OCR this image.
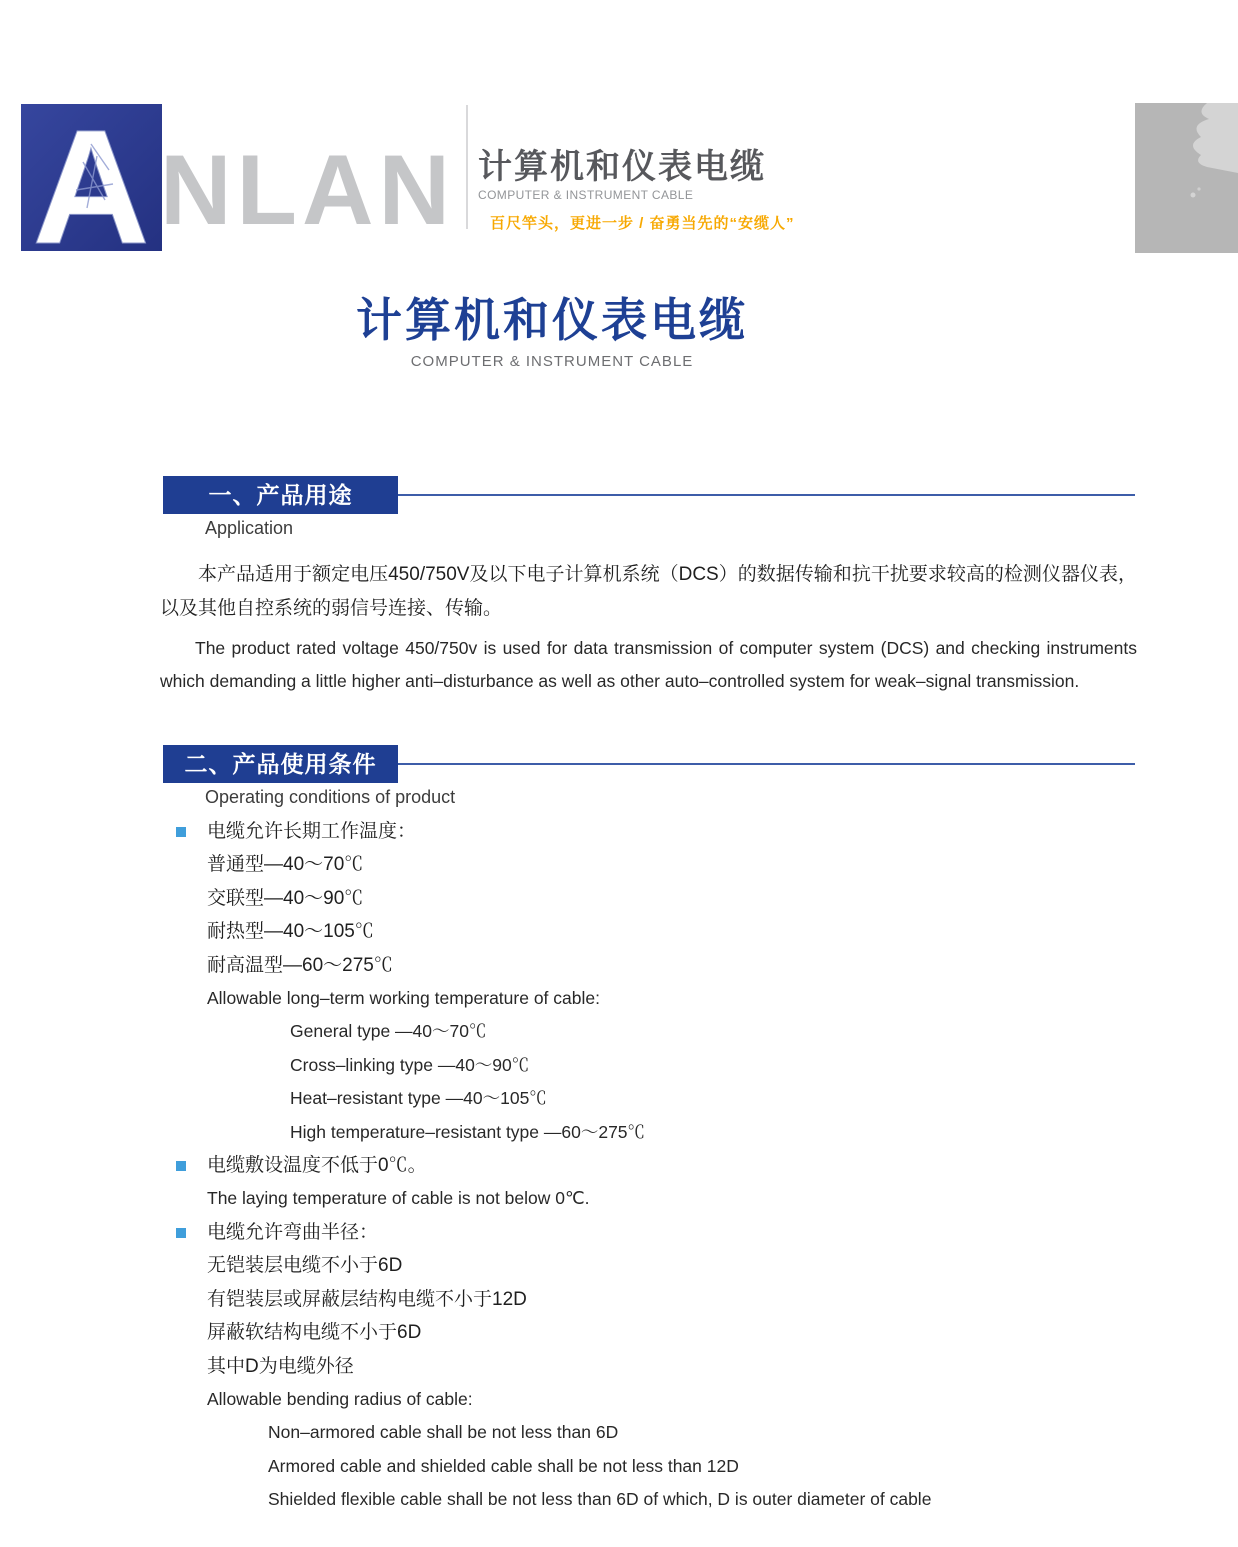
A NLAN 计算机和仪表电缆
COMPUTER & INSTRUMENT CABLE
百尺竿头，更进一步 / 奋勇当先的“安缆人”
计算机和仪表电缆
COMPUTER & INSTRUMENT CABLE
一、产品用途
Application
本产品适用于额定电压450/750V及以下电子计算机系统（DCS）的数据传输和抗干扰要求较高的检测仪器仪表，以及其他自控系统的弱信号连接、传输。
The product rated voltage 450/750v is used for data transmission of computer system (DCS) and checking instruments which demanding a little higher anti–disturbance as well as other auto–controlled system for weak–signal transmission.
二、产品使用条件
Operating conditions of product
电缆允许长期工作温度：
普通型—40～70℃
交联型—40～90℃
耐热型—40～105℃
耐高温型—60～275℃
Allowable long–term working temperature of cable:
General type —40～70℃
Cross–linking type —40～90℃
Heat–resistant type —40～105℃
High temperature–resistant type —60～275℃
电缆敷设温度不低于0℃。
The laying temperature of cable is not below 0℃.
电缆允许弯曲半径：
无铠装层电缆不小于6D
有铠装层或屏蔽层结构电缆不小于12D
屏蔽软结构电缆不小于6D
其中D为电缆外径
Allowable bending radius of cable:
Non–armored cable shall be not less than 6D
Armored cable and shielded cable shall be not less than 12D
Shielded flexible cable shall be not less than 6D of which, D is outer diameter of cable
